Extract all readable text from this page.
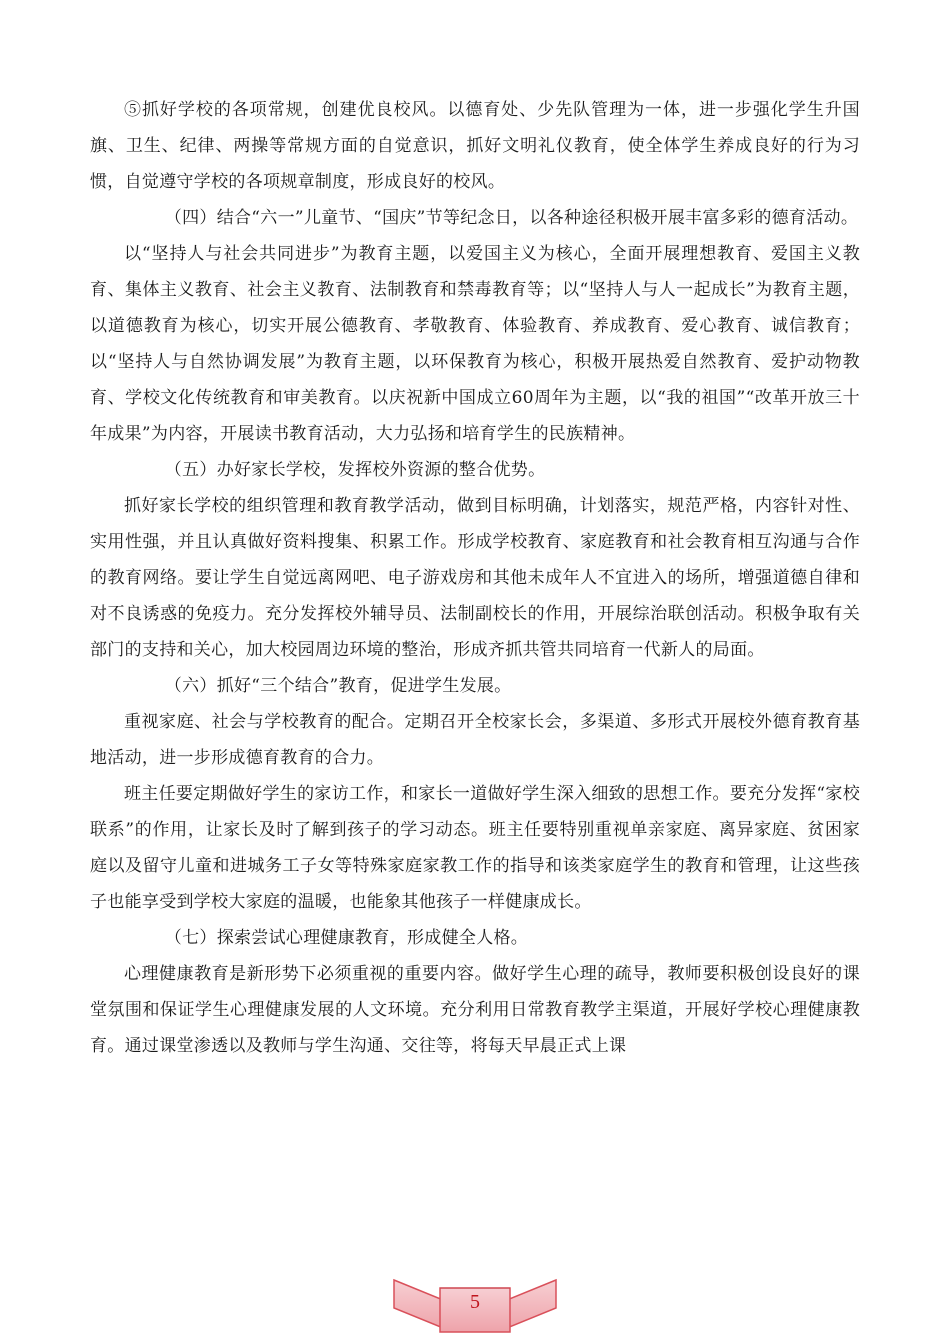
⑤抓好学校的各项常规，创建优良校风。以德育处、少先队管理为一体，进一步强化学生升国旗、卫生、纪律、两操等常规方面的自觉意识，抓好文明礼仪教育，使全体学生养成良好的行为习惯，自觉遵守学校的各项规章制度，形成良好的校风。

（四）结合“六一”儿童节、“国庆”节等纪念日，以各种途径积极开展丰富多彩的德育活动。

以“坚持人与社会共同进步”为教育主题，以爱国主义为核心，全面开展理想教育、爱国主义教育、集体主义教育、社会主义教育、法制教育和禁毒教育等；以“坚持人与人一起成长”为教育主题，以道德教育为核心，切实开展公德教育、孝敬教育、体验教育、养成教育、爱心教育、诚信教育；以“坚持人与自然协调发展”为教育主题，以环保教育为核心，积极开展热爱自然教育、爱护动物教育、学校文化传统教育和审美教育。以庆祝新中国成立60周年为主题，以“我的祖国”“改革开放三十年成果”为内容，开展读书教育活动，大力弘扬和培育学生的民族精神。

（五）办好家长学校，发挥校外资源的整合优势。

抓好家长学校的组织管理和教育教学活动，做到目标明确，计划落实，规范严格，内容针对性、实用性强，并且认真做好资料搜集、积累工作。形成学校教育、家庭教育和社会教育相互沟通与合作的教育网络。要让学生自觉远离网吧、电子游戏房和其他未成年人不宜进入的场所，增强道德自律和对不良诱惑的免疫力。充分发挥校外辅导员、法制副校长的作用，开展综治联创活动。积极争取有关部门的支持和关心，加大校园周边环境的整治，形成齐抓共管共同培育一代新人的局面。

（六）抓好“三个结合”教育，促进学生发展。

重视家庭、社会与学校教育的配合。定期召开全校家长会，多渠道、多形式开展校外德育教育基地活动，进一步形成德育教育的合力。

班主任要定期做好学生的家访工作，和家长一道做好学生深入细致的思想工作。要充分发挥“家校联系”的作用，让家长及时了解到孩子的学习动态。班主任要特别重视单亲家庭、离异家庭、贫困家庭以及留守儿童和进城务工子女等特殊家庭家教工作的指导和该类家庭学生的教育和管理，让这些孩子也能享受到学校大家庭的温暖，也能象其他孩子一样健康成长。

（七）探索尝试心理健康教育，形成健全人格。

心理健康教育是新形势下必须重视的重要内容。做好学生心理的疏导，教师要积极创设良好的课堂氛围和保证学生心理健康发展的人文环境。充分利用日常教育教学主渠道，开展好学校心理健康教育。通过课堂渗透以及教师与学生沟通、交往等，将每天早晨正式上课

5
